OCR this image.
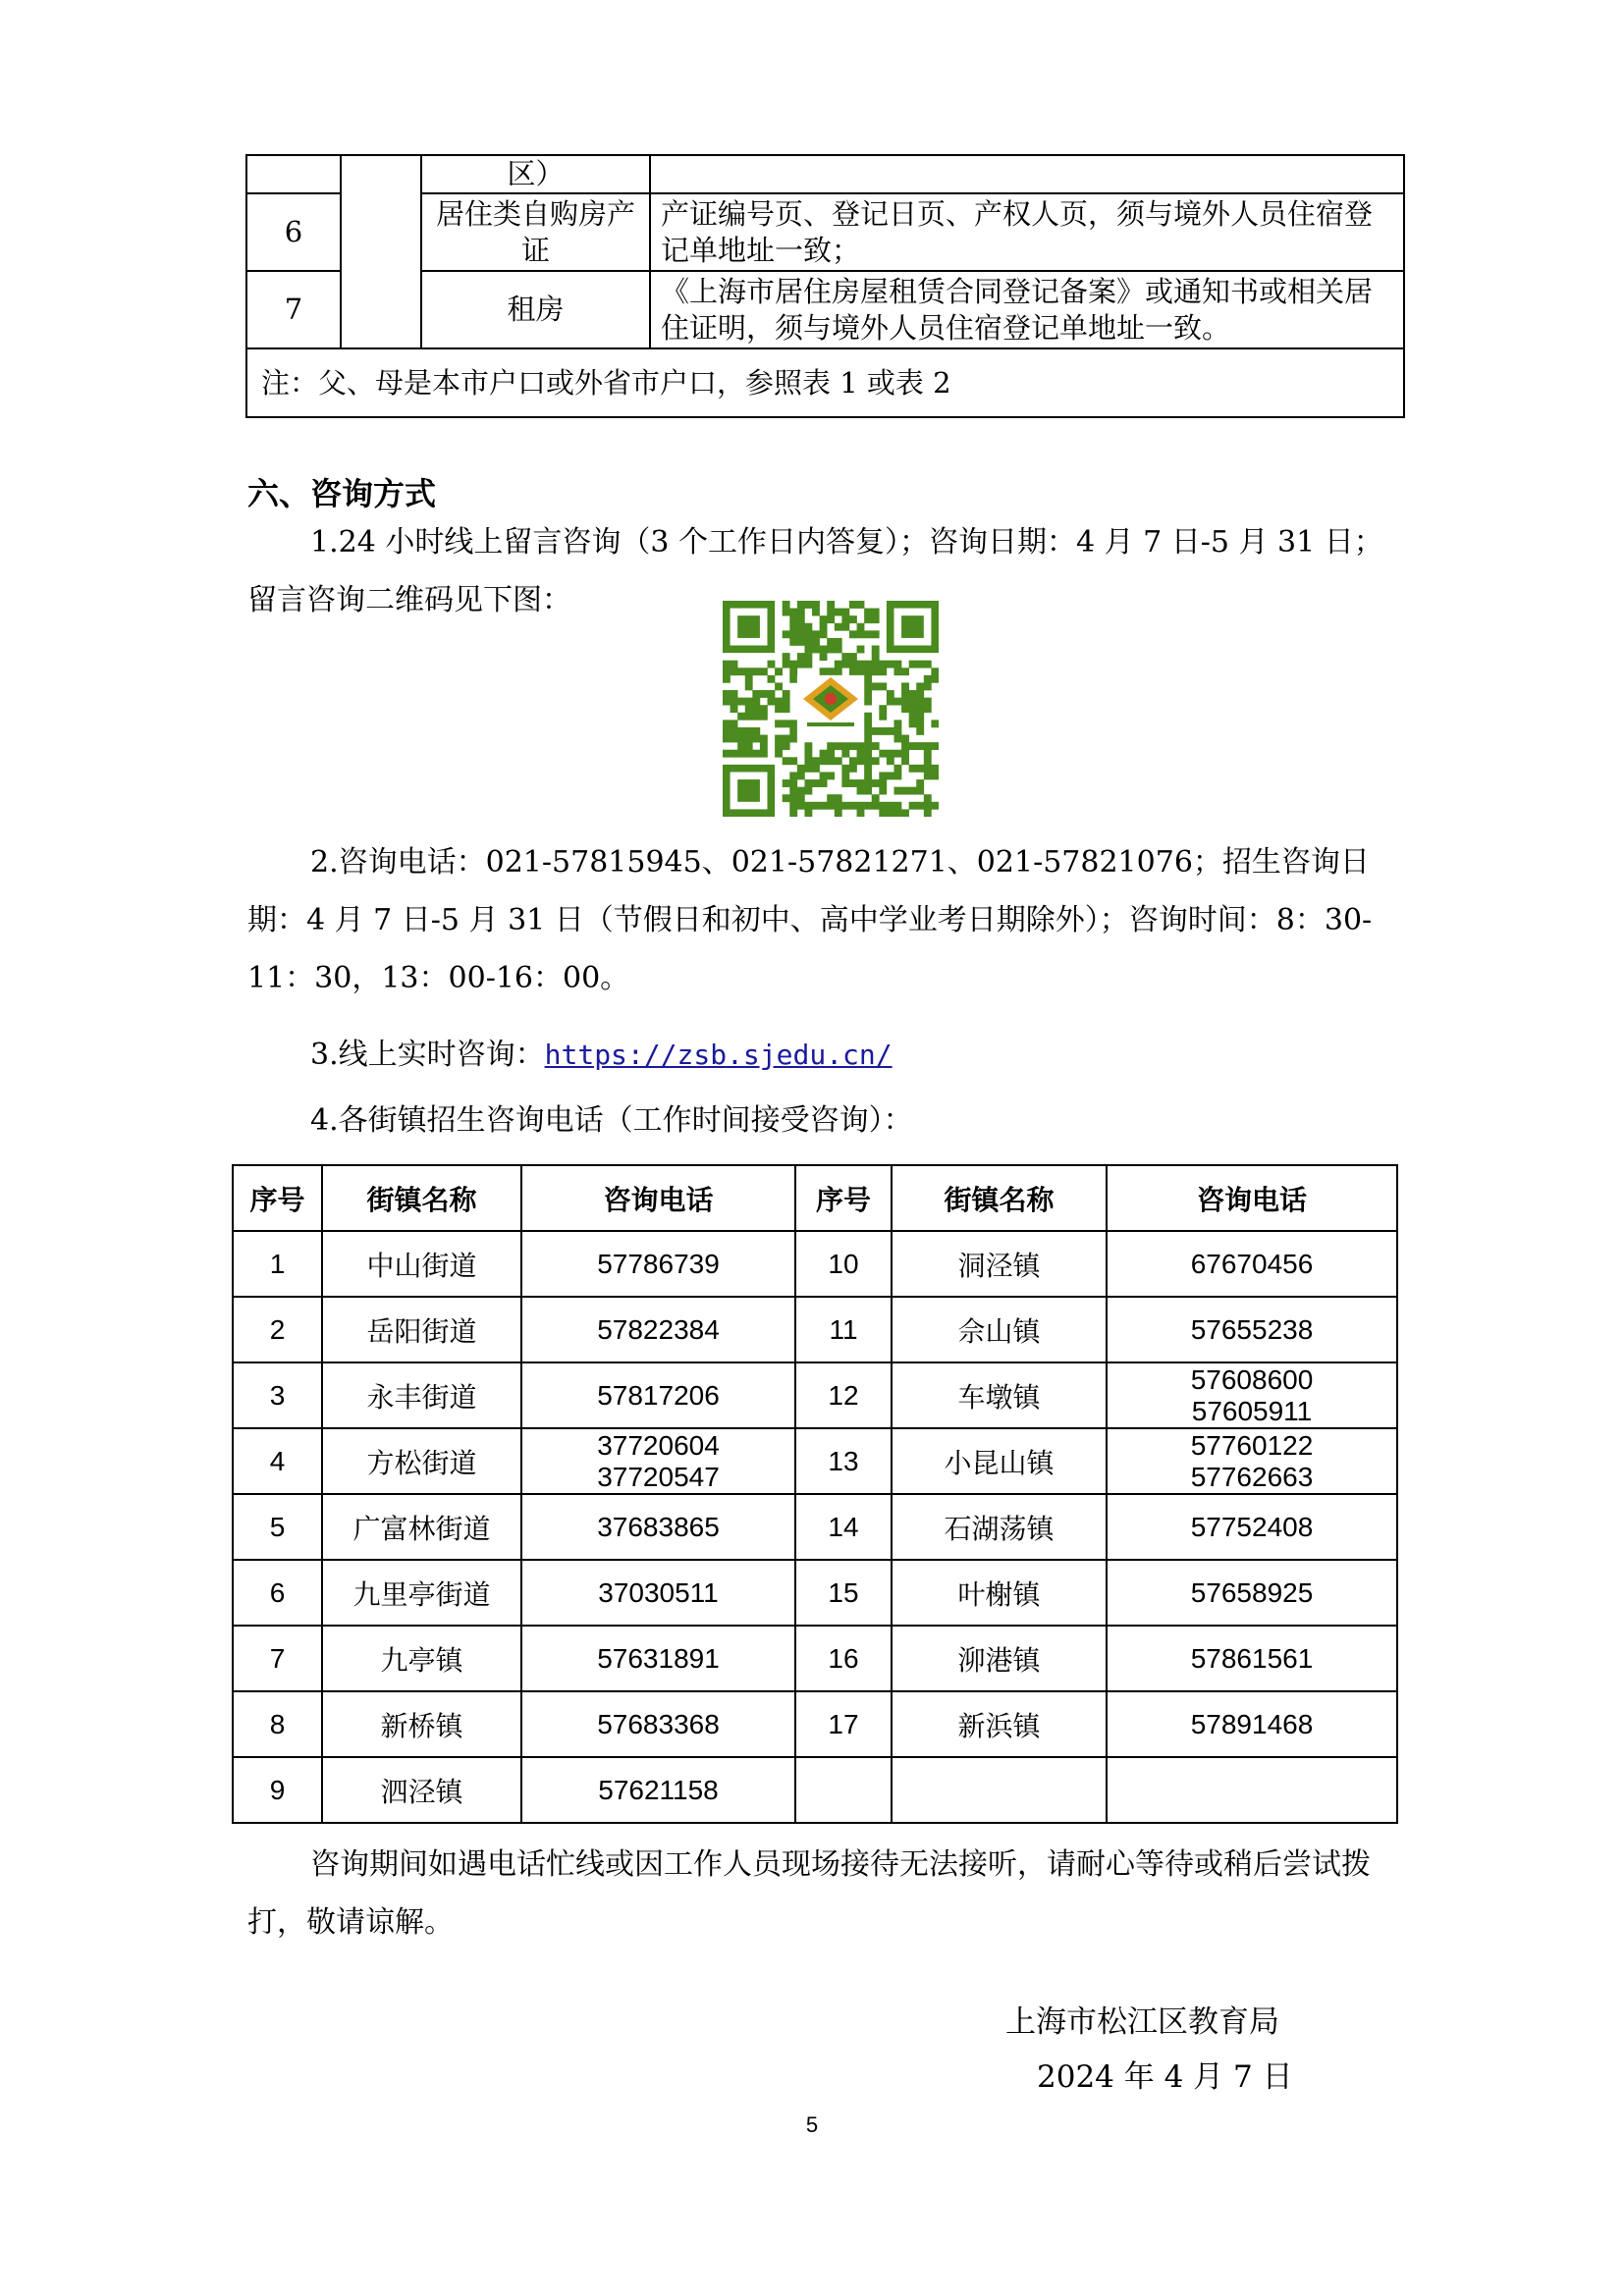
		区）	
6		居住类自购房产证	产证编号页、登记日页、产权人页，须与境外人员住宿登记单地址一致；
7		租房	《上海市居住房屋租赁合同登记备案》或通知书或相关居住证明，须与境外人员住宿登记单地址一致。
注：父、母是本市户口或外省市户口，参照表 1 或表 2			
六、咨询方式

1.24 小时线上留言咨询（3 个工作日内答复）；咨询日期：4 月 7 日-5 月 31 日；留言咨询二维码见下图：

2.咨询电话：021-57815945、021-57821271、021-57821076；招生咨询日期：4 月 7 日-5 月 31 日（节假日和初中、高中学业考日期除外）；咨询时间：8：30-11：30，13：00-16：00。

3.线上实时咨询：https://zsb.sjedu.cn/

4.各街镇招生咨询电话（工作时间接受咨询）：

序号	街镇名称	咨询电话	序号	街镇名称	咨询电话
1	中山街道	57786739	10	洞泾镇	67670456

2	岳阳街道	57822384	11	佘山镇	57655238

3	永丰街道	57817206	12	车墩镇	57608600
57605911

4	方松街道	37720604
37720547	13	小昆山镇	57760122
57762663

5	广富林街道	37683865	14	石湖荡镇	57752408

6	九里亭街道	37030511	15	叶榭镇	57658925

7	九亭镇	57631891	16	泖港镇	57861561

8	新桥镇	57683368	17	新浜镇	57891468

9	泗泾镇	57621158			

咨询期间如遇电话忙线或因工作人员现场接待无法接听，请耐心等待或稍后尝试拨打，敬请谅解。

上海市松江区教育局

2024 年 4 月 7 日

5
